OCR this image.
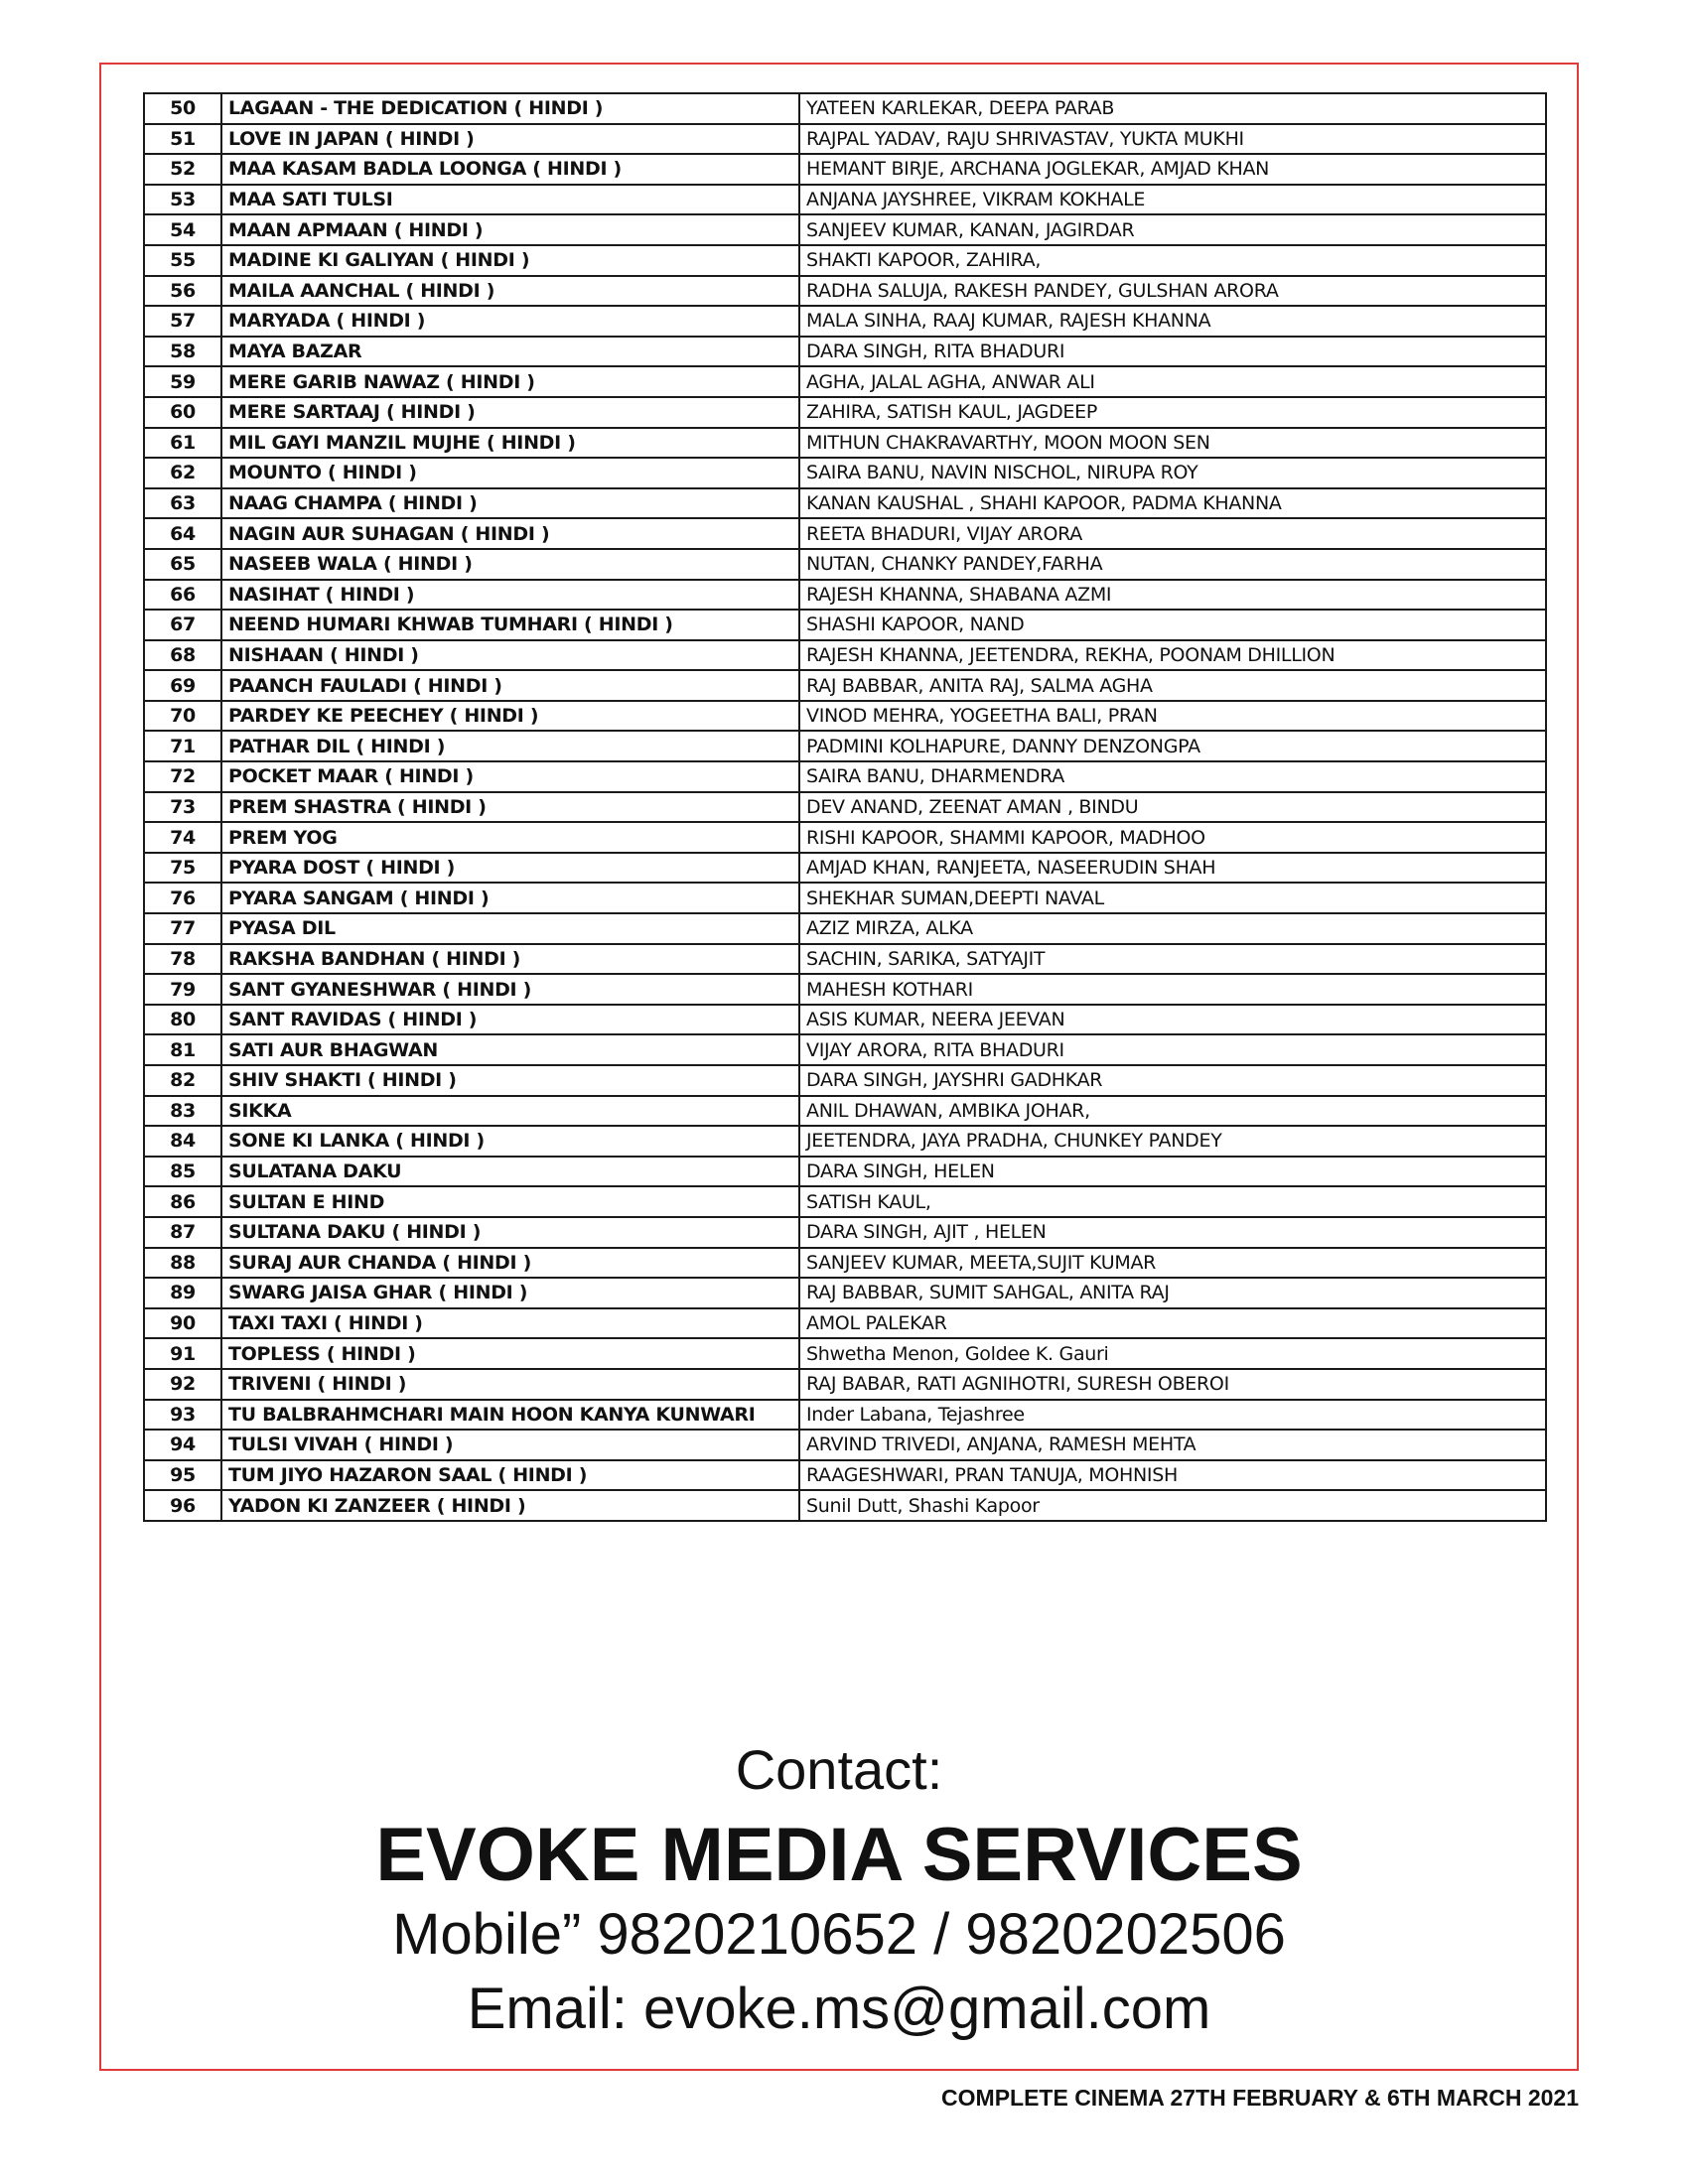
50	LAGAAN - THE DEDICATION ( HINDI )	YATEEN KARLEKAR, DEEPA PARAB
51	LOVE IN JAPAN ( HINDI )	RAJPAL YADAV, RAJU SHRIVASTAV, YUKTA MUKHI
52	MAA KASAM BADLA LOONGA ( HINDI )	HEMANT BIRJE, ARCHANA JOGLEKAR, AMJAD KHAN
53	MAA SATI TULSI	ANJANA JAYSHREE, VIKRAM KOKHALE
54	MAAN APMAAN ( HINDI )	SANJEEV KUMAR, KANAN, JAGIRDAR
55	MADINE KI GALIYAN ( HINDI )	SHAKTI KAPOOR, ZAHIRA,
56	MAILA AANCHAL ( HINDI )	RADHA SALUJA, RAKESH PANDEY, GULSHAN ARORA
57	MARYADA ( HINDI )	MALA SINHA, RAAJ KUMAR, RAJESH KHANNA
58	MAYA BAZAR	DARA SINGH, RITA BHADURI
59	MERE GARIB NAWAZ ( HINDI )	AGHA, JALAL AGHA, ANWAR ALI
60	MERE SARTAAJ ( HINDI )	ZAHIRA, SATISH KAUL, JAGDEEP
61	MIL GAYI MANZIL MUJHE ( HINDI )	MITHUN CHAKRAVARTHY, MOON MOON SEN
62	MOUNTO ( HINDI )	SAIRA BANU, NAVIN NISCHOL, NIRUPA ROY
63	NAAG CHAMPA ( HINDI )	KANAN KAUSHAL , SHAHI KAPOOR, PADMA KHANNA
64	NAGIN AUR SUHAGAN ( HINDI )	REETA BHADURI, VIJAY ARORA
65	NASEEB WALA ( HINDI )	NUTAN, CHANKY PANDEY,FARHA
66	NASIHAT ( HINDI )	RAJESH KHANNA, SHABANA AZMI
67	NEEND HUMARI KHWAB TUMHARI ( HINDI )	SHASHI KAPOOR, NAND
68	NISHAAN ( HINDI )	RAJESH KHANNA, JEETENDRA, REKHA, POONAM DHILLION
69	PAANCH FAULADI ( HINDI )	RAJ BABBAR, ANITA RAJ, SALMA AGHA
70	PARDEY KE PEECHEY ( HINDI )	VINOD MEHRA, YOGEETHA BALI, PRAN
71	PATHAR DIL ( HINDI )	PADMINI KOLHAPURE, DANNY DENZONGPA
72	POCKET MAAR ( HINDI )	SAIRA BANU, DHARMENDRA
73	PREM SHASTRA ( HINDI )	DEV ANAND, ZEENAT AMAN , BINDU
74	PREM YOG	RISHI KAPOOR, SHAMMI KAPOOR, MADHOO
75	PYARA DOST ( HINDI )	AMJAD KHAN, RANJEETA, NASEERUDIN SHAH
76	PYARA SANGAM ( HINDI )	SHEKHAR SUMAN,DEEPTI NAVAL
77	PYASA DIL	AZIZ MIRZA, ALKA
78	RAKSHA BANDHAN ( HINDI )	SACHIN, SARIKA, SATYAJIT
79	SANT GYANESHWAR ( HINDI )	MAHESH KOTHARI
80	SANT RAVIDAS ( HINDI )	ASIS KUMAR, NEERA JEEVAN
81	SATI AUR BHAGWAN	VIJAY ARORA, RITA BHADURI
82	SHIV SHAKTI ( HINDI )	DARA SINGH, JAYSHRI GADHKAR
83	SIKKA	ANIL DHAWAN, AMBIKA JOHAR,
84	SONE KI LANKA ( HINDI )	JEETENDRA, JAYA PRADHA, CHUNKEY PANDEY
85	SULATANA DAKU	DARA SINGH, HELEN
86	SULTAN E HIND	SATISH KAUL,
87	SULTANA DAKU ( HINDI )	DARA SINGH, AJIT , HELEN
88	SURAJ AUR CHANDA ( HINDI )	SANJEEV KUMAR, MEETA,SUJIT KUMAR
89	SWARG JAISA GHAR ( HINDI )	RAJ BABBAR, SUMIT SAHGAL, ANITA RAJ
90	TAXI TAXI ( HINDI )	AMOL PALEKAR
91	TOPLESS ( HINDI )	Shwetha Menon, Goldee K. Gauri
92	TRIVENI ( HINDI )	RAJ BABAR, RATI AGNIHOTRI, SURESH OBEROI
93	TU BALBRAHMCHARI MAIN HOON KANYA KUNWARI	Inder Labana, Tejashree
94	TULSI VIVAH ( HINDI )	ARVIND TRIVEDI, ANJANA, RAMESH MEHTA
95	TUM JIYO HAZARON SAAL ( HINDI )	RAAGESHWARI, PRAN TANUJA, MOHNISH
96	YADON KI ZANZEER ( HINDI )	Sunil Dutt, Shashi Kapoor
Contact:
EVOKE MEDIA SERVICES
Mobile” 9820210652 / 9820202506
Email: evoke.ms@gmail.com
COMPLETE CINEMA 27TH FEBRUARY & 6TH MARCH 2021
